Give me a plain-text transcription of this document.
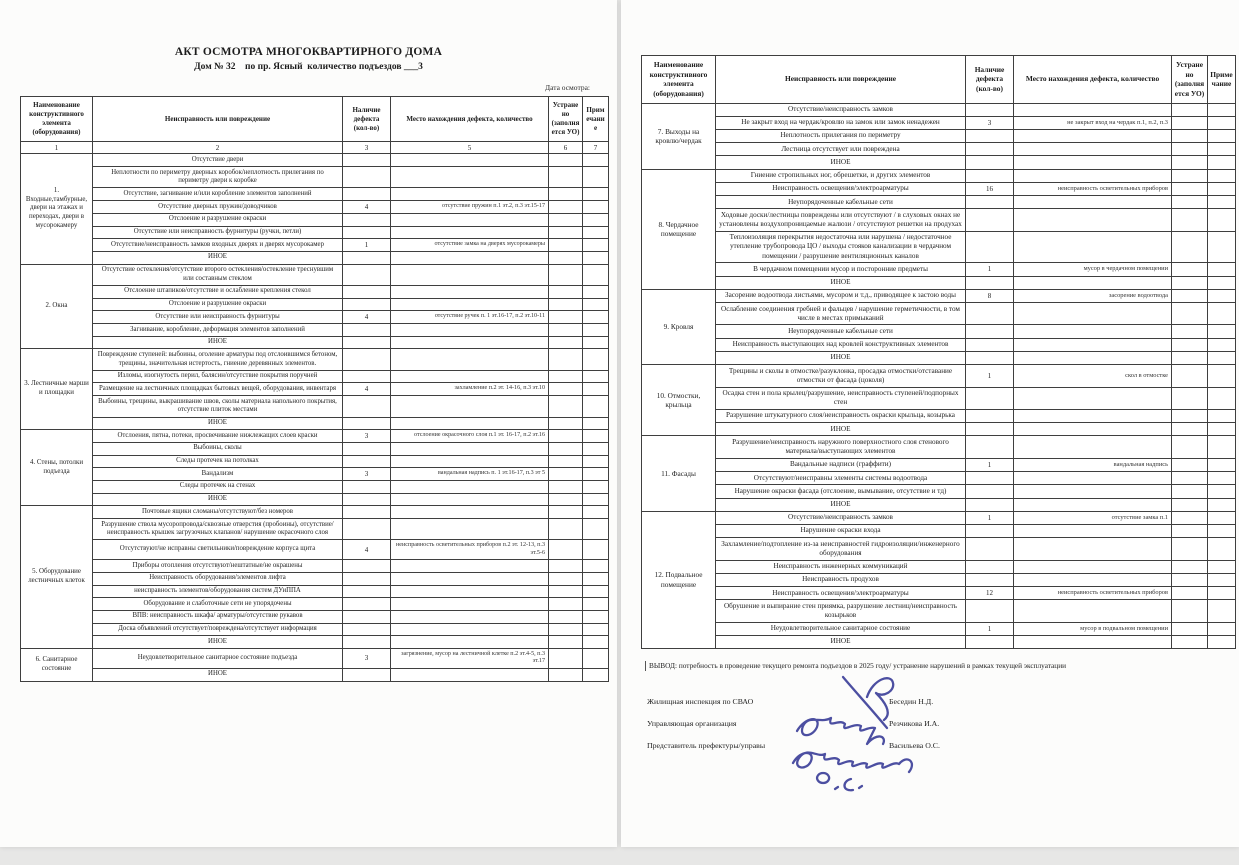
АКТ ОСМОТРА МНОГОКВАРТИРНОГО ДОМА
Дом № 32    по пр. Ясный  количество подъездов ___3
Дата осмотра:
Наименование конструктивного элемента (оборудования)	Неисправность или повреждение	Наличие дефекта (кол-во)	Место нахождения дефекта, количество	Устранено (заполняется УО)	Примечание
1	2	3	5	6	7
1. Входные,тамбурные, двери на этажах и переходах, двери в мусорокамеру	Отсутствие двери				
	Неплотности по периметру дверных коробок/неплотность прилегания по периметру двери к коробке				
	Отсутствие, загнивание и/или коробление элементов заполнений				
	Отсутствие дверных пружин/доводчиков	4	отсутствие пружин п.1 эт.2, п.3 эт.15-17		
	Отслоение и разрушение окраски				
	Отсутствие или неисправность фурнитуры (ручки, петли)				
	Отсутствие/неисправность замков входных дверях и дверях мусорокамер	1	отсутствие замка на дверях мусорокамеры		
	ИНОЕ				
2. Окна	Отсутствие остекления/отсутствие второго остекления/остекление треснувшим или составным стеклом				
	Отслоение штапиков/отсутствие и ослабление крепления стекол				
	Отслоение и разрушение окраски				
	Отсутствие или неисправность фурнитуры	4	отсутствие ручек п. 1 эт.16-17, п.2 эт.10-11		
	Загнивание, коробление, деформация элементов заполнений				
	ИНОЕ				
3. Лестничные марши и площадки	Повреждение ступеней: выбоины, оголение арматуры под отслоившимся бетоном, трещины, значительная истертость, гниение деревянных элементов.				
	Изломы, изогнутость перил, балясин/отсутствие покрытия поручней				
	Размещение на лестничных площадках бытовых вещей, оборудования, инвентаря	4	захламление п.2 эт. 14-16, п.3 эт.10		
	Выбоины, трещины, выкрашивание швов, сколы материала напольного покрытия, отсутствие плиток местами				
	ИНОЕ				
4. Стены, потолки подъезда	Отслоения, пятна, потеки, просвечивание нижлежащих слоев краски	3	отслоение окрасочного слоя п.1 эт. 16-17, п.2 эт.16		
	Выбоины, сколы				
	Следы протечек на потолках				
	Вандализм	3	вандальная надпись п. 1 эт.16-17, п.3 эт 5		
	Следы протечек на стенах				
	ИНОЕ				
5. Оборудование лестничных клеток	Почтовые ящики сломаны/отсутствуют/без номеров				
	Разрушение ствола мусоропровода/сквозные отверстия (пробоины), отсутствие/неисправность крышек загрузочных клапанов/ нарушение окрасочного слоя				
	Отсутствуют/не исправны светильники/повреждение корпуса щита	4	неисправность осветительных приборов п.2 эт. 12-13, п.3 эт.5-6		
	Приборы отопления отсутствуют/нештатные/не окрашены				
	Неисправность оборудования/элементов лифта				
	неисправность элементов/оборудования систем ДУиППА				
	Оборудование и слаботочные сети не упорядочены				
	ВПВ: неисправность шкафа/ арматуры/отсутствие рукавов				
	Доска объявлений отсутствует/повреждена/отсутствует информация				
	ИНОЕ				
6. Санитарное состояние	Неудовлетворительное санитарное состояние подъезда	3	загрязнение, мусор на лестничной клетке п.2 эт.4-5, п.3 эт.17		
	ИНОЕ				
Наименование конструктивного элемента (оборудования)	Неисправность или повреждение	Наличие дефекта (кол-во)	Место нахождения дефекта, количество	Устранено (заполняется УО)	Примечание
7. Выходы на кровлю/чердак	Отсутствие/неисправность замков				
	Не закрыт вход на чердак/кровлю на замок или замок ненадежен	3	не закрыт вход на чердак п.1, п.2, п.3		
	Неплотность прилегания по периметру				
	Лестница отсутствует или повреждена				
	ИНОЕ				
8. Чердачное помещение	Гниение стропильных ног, обрешетки, и других элементов				
	Неисправность освещения/электроарматуры	16	неисправность осветительных приборов		
	Неупорядоченные кабельные сети				
	Ходовые доски/лестницы повреждены или отсутствуют / в слуховых окнах не установлены воздухопроницаемые жалюзи / отсутствуют решетки на продухах				
	Теплоизоляция перекрытия недостаточна или нарушена / недостаточное утепление трубопровода ЦО / выходы стояков канализации в чердачном помещении / разрушение вентиляционных каналов				
	В чердачном помещении мусор и посторонние предметы	1	мусор в чердачном помещении		
	ИНОЕ				
9. Кровля	Засорение водоотвода листьями, мусором и т.д., приводящее к застою воды	8	засорение водоотвода		
	Ослабление соединения гребней и фальцев / нарушение герметичности, в том числе в местах примыканий				
	Неупорядоченные кабельные сети				
	Неисправность выступающих над кровлей конструктивных элементов				
	ИНОЕ				
10. Отмостки, крыльца	Трещины и сколы в отмостке/разуклонка, просадка отмостки/отставание отмостки от фасада (цоколя)	1	скол в отмостке		
	Осадка стен и пола крылец/разрушение, неисправность ступеней/подпорных стен				
	Разрушение штукатурного слоя/неисправность окраски крыльца, козырька				
	ИНОЕ				
11. Фасады	Разрушение/неисправность наружного поверхностного слоя стенового материала/выступающих элементов				
	Вандальные надписи (граффити)	1	вандальная надпись		
	Отсутствуют/неисправны элементы системы водоотвода				
	Нарушение окраски фасада (отслоение, вымывание, отсутствие и тд)				
	ИНОЕ				
12. Подвальное помещение	Отсутствие/неисправность замков	1	отсутствие замка п.1		
	Нарушение окраски входа				
	Захламление/подтопление из-за неисправностей гидроизоляции/инженерного оборудования				
	Неисправность инженерных коммуникаций				
	Неисправность продухов				
	Неисправность освещения/электроарматуры	12	неисправность осветительных приборов		
	Обрушение и выпирание стен приямка, разрушение лестниц/неисправность козырьков				
	Неудовлетворительное санитарное состояние	1	мусор в подвальном помещении		
	ИНОЕ				
ВЫВОД: потребность в проведение текущего ремонта подъездов в 2025 году/ устранение нарушений в рамках текущей эксплуатации
Жилищная инспекция по СВАО	Беседин Н.Д.
Управляющая организация	Резчикова И.А.
Представитель префектуры/управы	Васильева О.С.
